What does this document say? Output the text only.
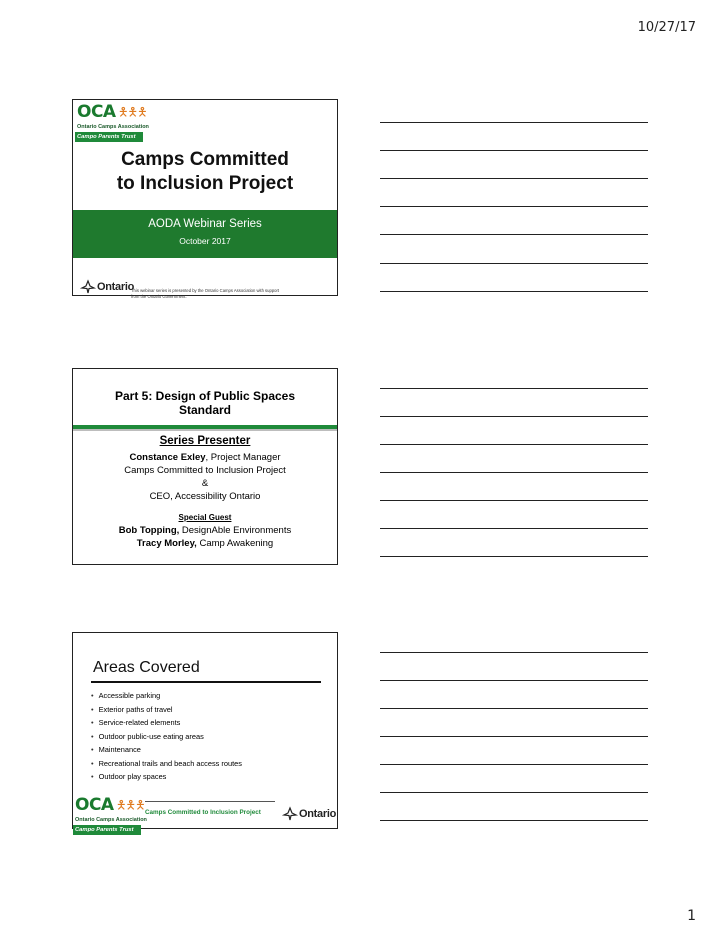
10/27/17
OCA 🯅🯅🯅
Ontario Camps Association
Campo Parents Trust
Camps Committed
to Inclusion Project
AODA Webinar Series
October 2017
Ontario
This webinar series is presented by the Ontario Camps Association with support from the Ontario Government.
Part 5: Design of Public Spaces
Standard
Series Presenter
Constance Exley, Project Manager
Camps Committed to Inclusion Project
&
CEO, Accessibility Ontario
Special Guest
Bob Topping, DesignAble Environments
Tracy Morley, Camp Awakening
Areas Covered
• Accessible parking
• Exterior paths of travel
• Service-related elements
• Outdoor public-use eating areas
• Maintenance
• Recreational trails and beach access routes
• Outdoor play spaces
OCA 🯅🯅🯅
Ontario Camps Association
Campo Parents Trust
Camps Committed to Inclusion Project	Ontario
1
